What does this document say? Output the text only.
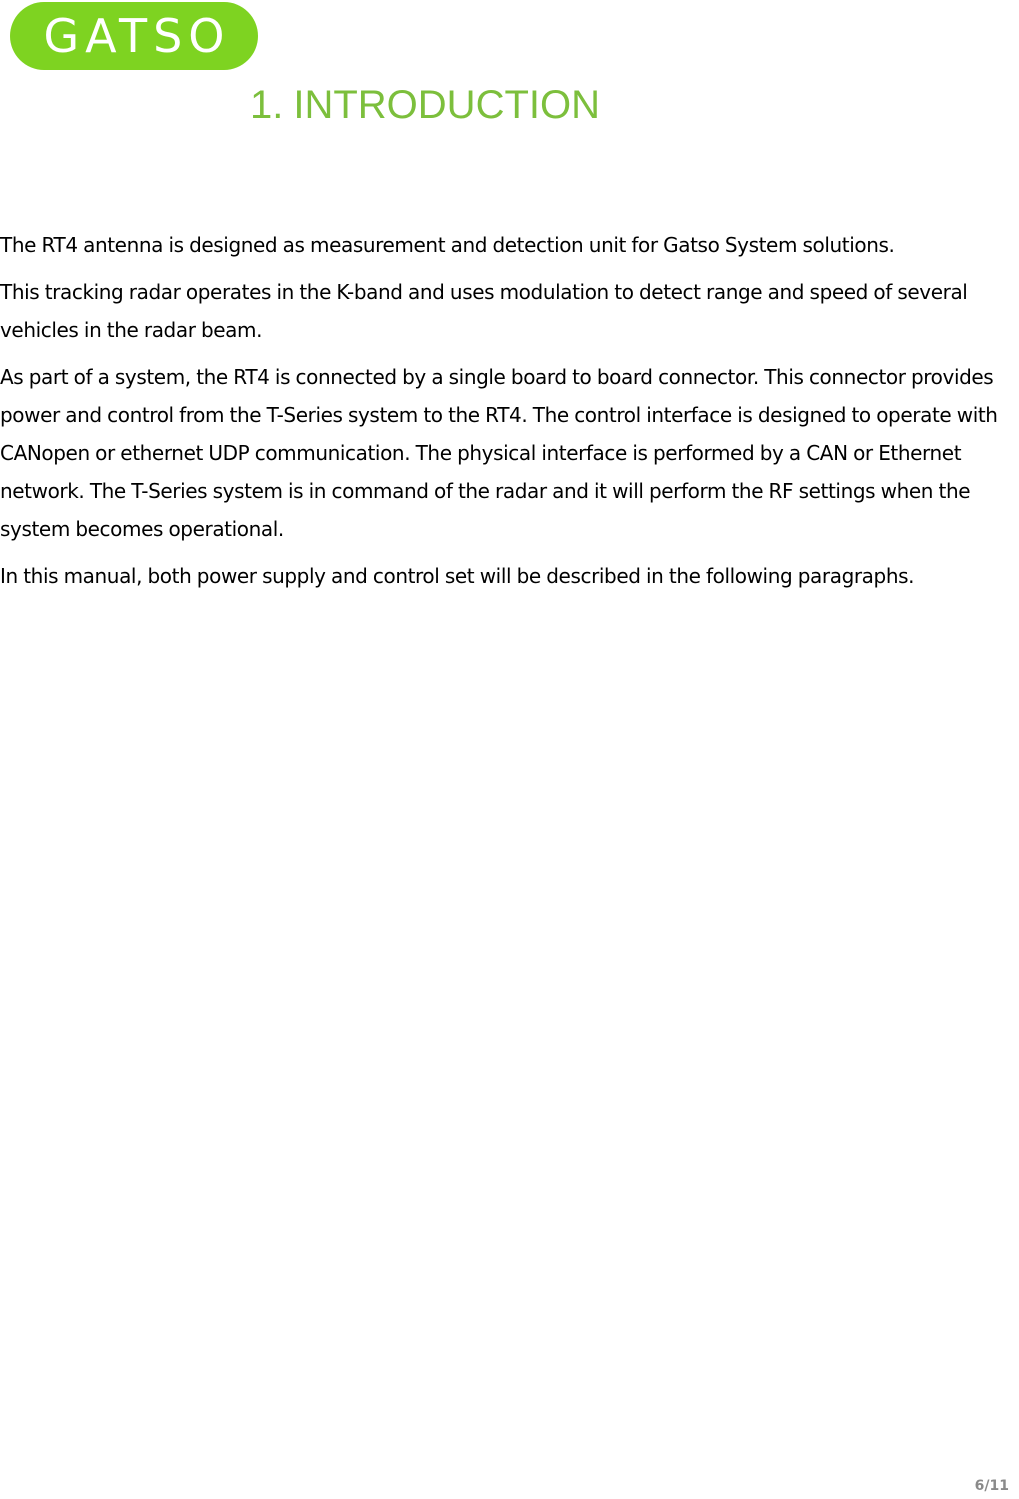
GATSO
1. INTRODUCTION

The RT4 antenna is designed as measurement and detection unit for Gatso System solutions.

This tracking radar operates in the K-band and uses modulation to detect range and speed of several vehicles in the radar beam.

As part of a system, the RT4 is connected by a single board to board connector. This connector provides power and control from the T-Series system to the RT4. The control interface is designed to operate with CANopen or ethernet UDP communication. The physical interface is performed by a CAN or Ethernet network. The T-Series system is in command of the radar and it will perform the RF settings when the system becomes operational.

In this manual, both power supply and control set will be described in the following paragraphs.

6/11
